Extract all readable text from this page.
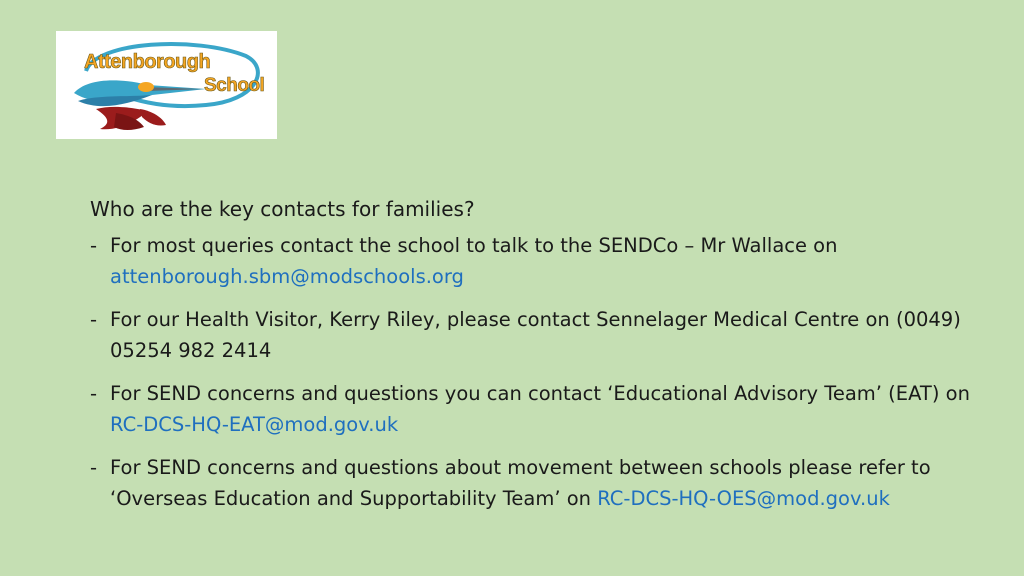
Attenborough
School
Who are the key contacts for families?
- For most queries contact the school to talk to the SENDCo – Mr Wallace on attenborough.sbm@modschools.org
- For our Health Visitor, Kerry Riley, please contact Sennelager Medical Centre on (0049) 05254 982 2414
- For SEND concerns and questions you can contact ‘Educational Advisory Team’ (EAT) on RC-DCS-HQ-EAT@mod.gov.uk
- For SEND concerns and questions about movement between schools please refer to ‘Overseas Education and Supportability Team’ on RC-DCS-HQ-OES@mod.gov.uk
